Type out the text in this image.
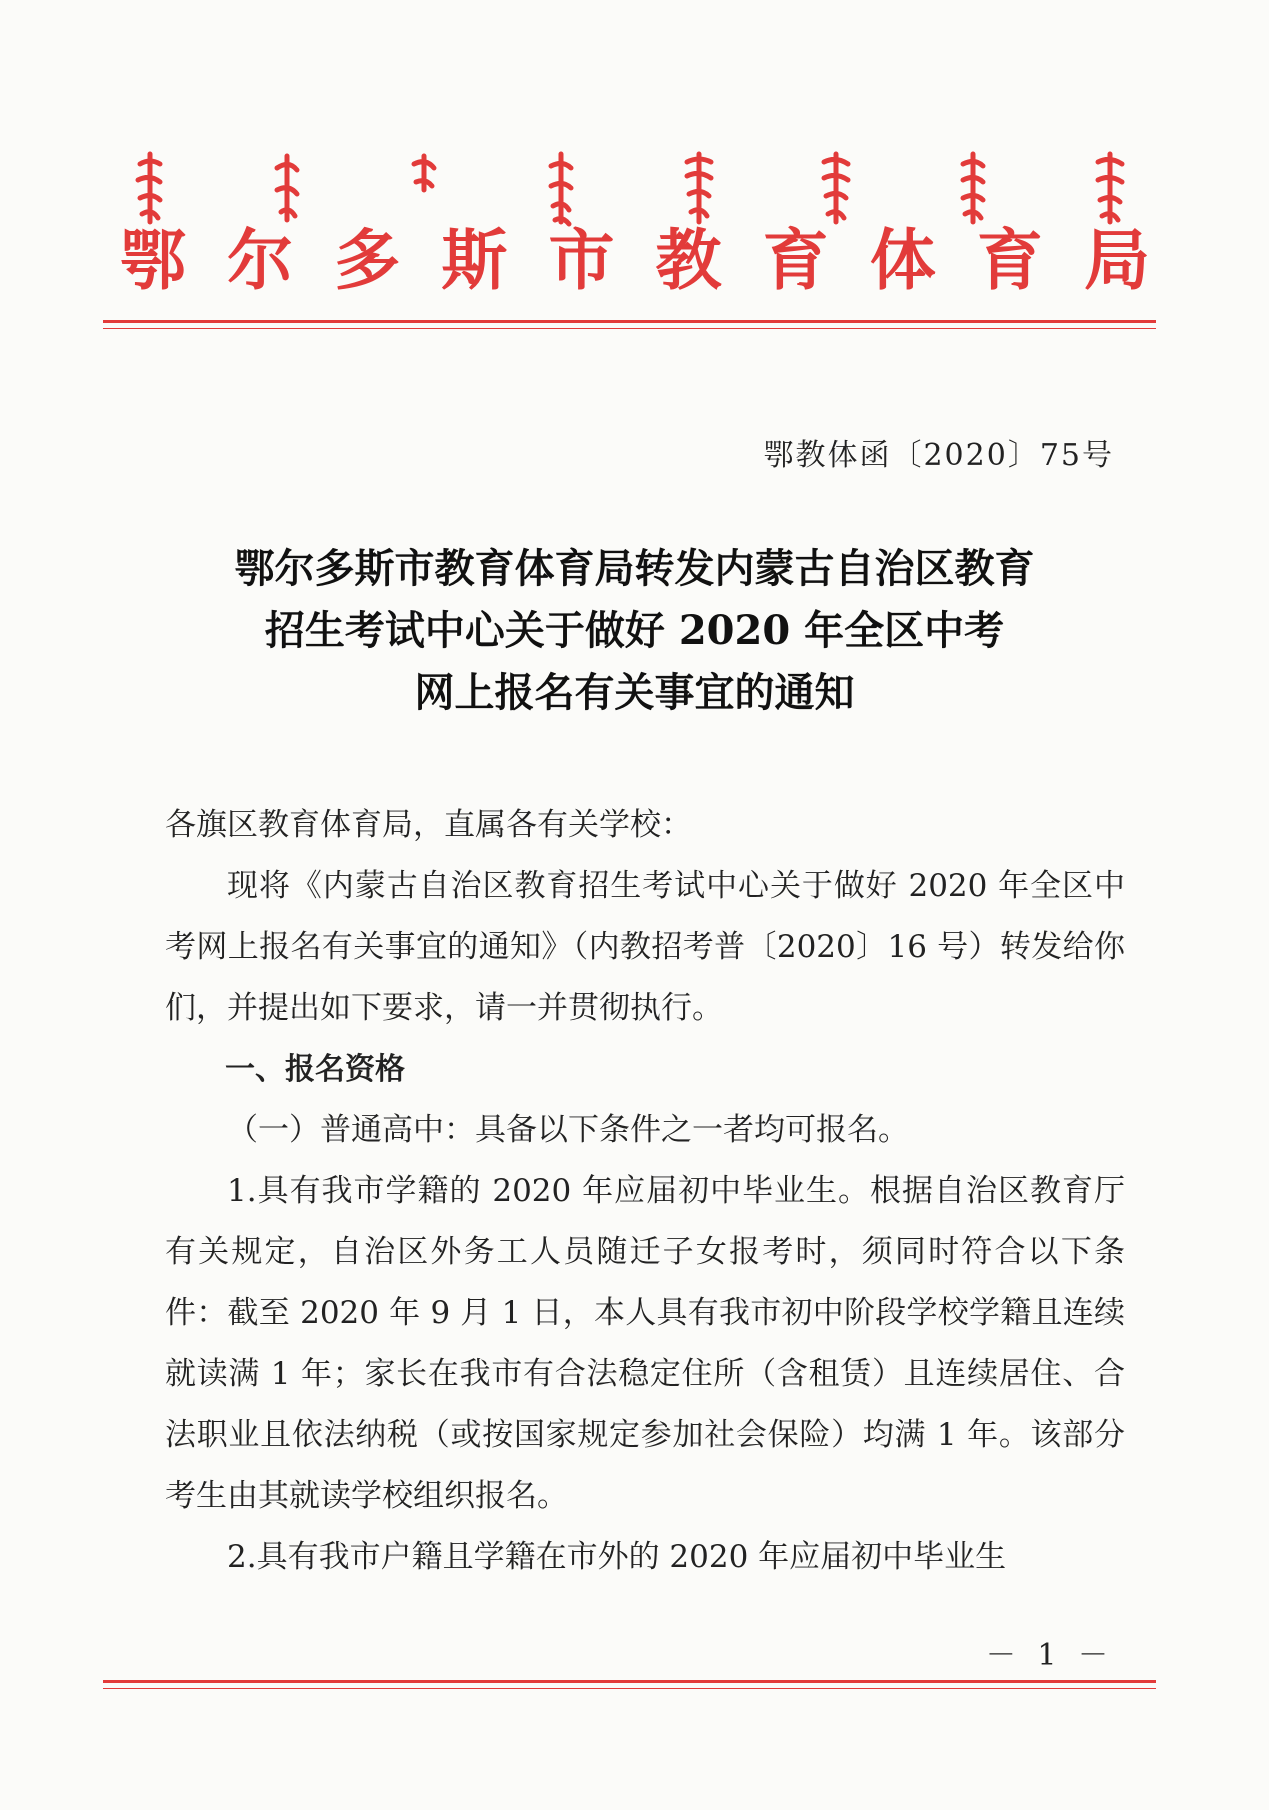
鄂 尔 多 斯 市 教 育 体 育 局
鄂教体函〔2020〕75号
鄂尔多斯市教育体育局转发内蒙古自治区教育
招生考试中心关于做好 2020 年全区中考
网上报名有关事宜的通知

各旗区教育体育局，直属各有关学校：

现将《内蒙古自治区教育招生考试中心关于做好 2020 年全区中考网上报名有关事宜的通知》（内教招考普〔2020〕16 号）转发给你们，并提出如下要求，请一并贯彻执行。

一、报名资格

（一）普通高中：具备以下条件之一者均可报名。

1.具有我市学籍的 2020 年应届初中毕业生。根据自治区教育厅有关规定，自治区外务工人员随迁子女报考时，须同时符合以下条件：截至 2020 年 9 月 1 日，本人具有我市初中阶段学校学籍且连续就读满 1 年；家长在我市有合法稳定住所（含租赁）且连续居住、合法职业且依法纳税（或按国家规定参加社会保险）均满 1 年。该部分考生由其就读学校组织报名。

2.具有我市户籍且学籍在市外的 2020 年应届初中毕业生

－ 1 －
